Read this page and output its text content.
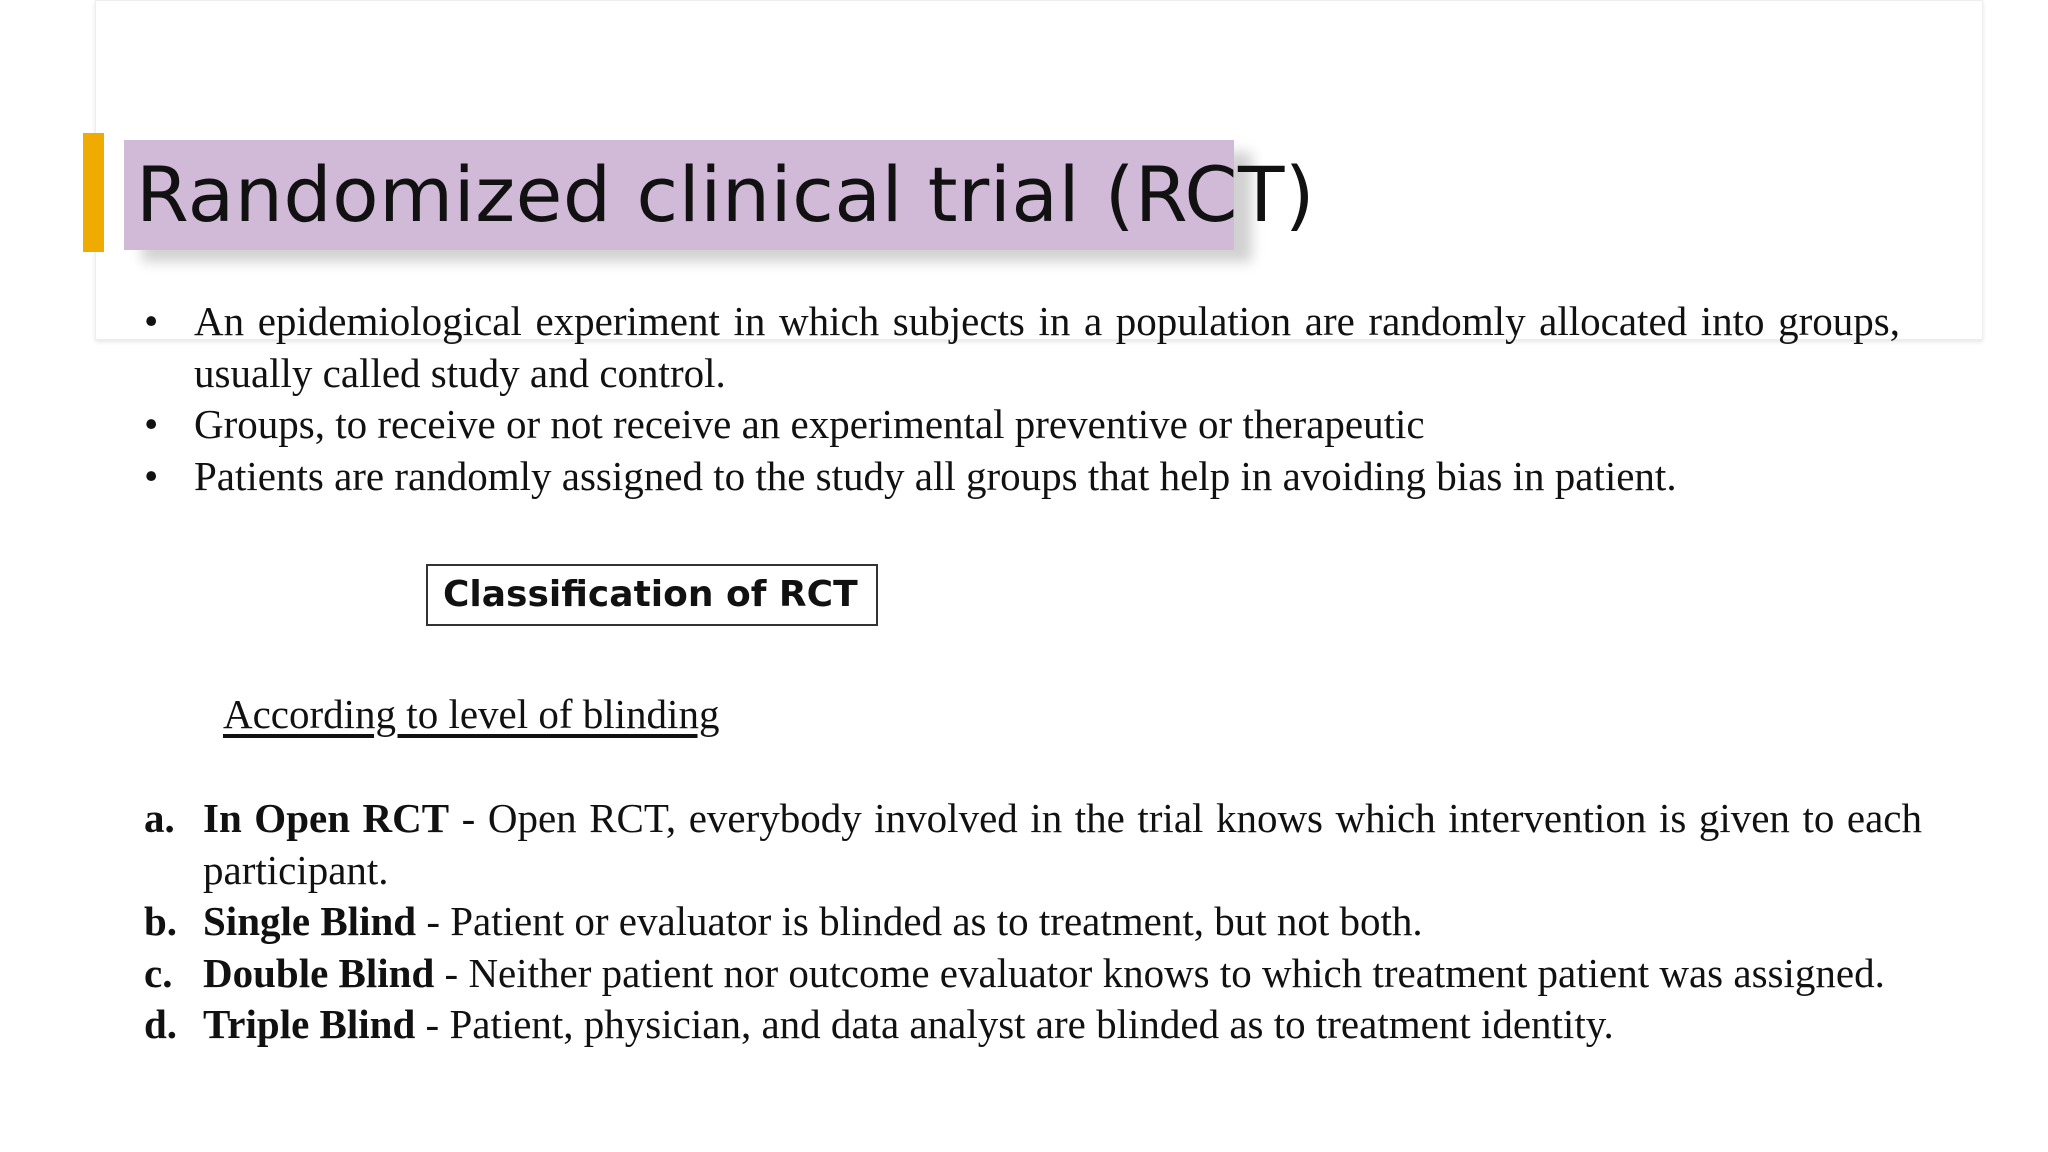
Randomized clinical trial (RCT)
• An epidemiological experiment in which subjects in a population are randomly allocated into groups, usually called study and control.
• Groups, to receive or not receive an experimental preventive or therapeutic
• Patients are randomly assigned to the study all groups that help in avoiding bias in patient.
Classification of RCT
According to level of blinding
a. In Open RCT - Open RCT, everybody involved in the trial knows which intervention is given to each participant.
b. Single Blind - Patient or evaluator is blinded as to treatment, but not both.
c. Double Blind - Neither patient nor outcome evaluator knows to which treatment patient was assigned.
d. Triple Blind - Patient, physician, and data analyst are blinded as to treatment identity.
